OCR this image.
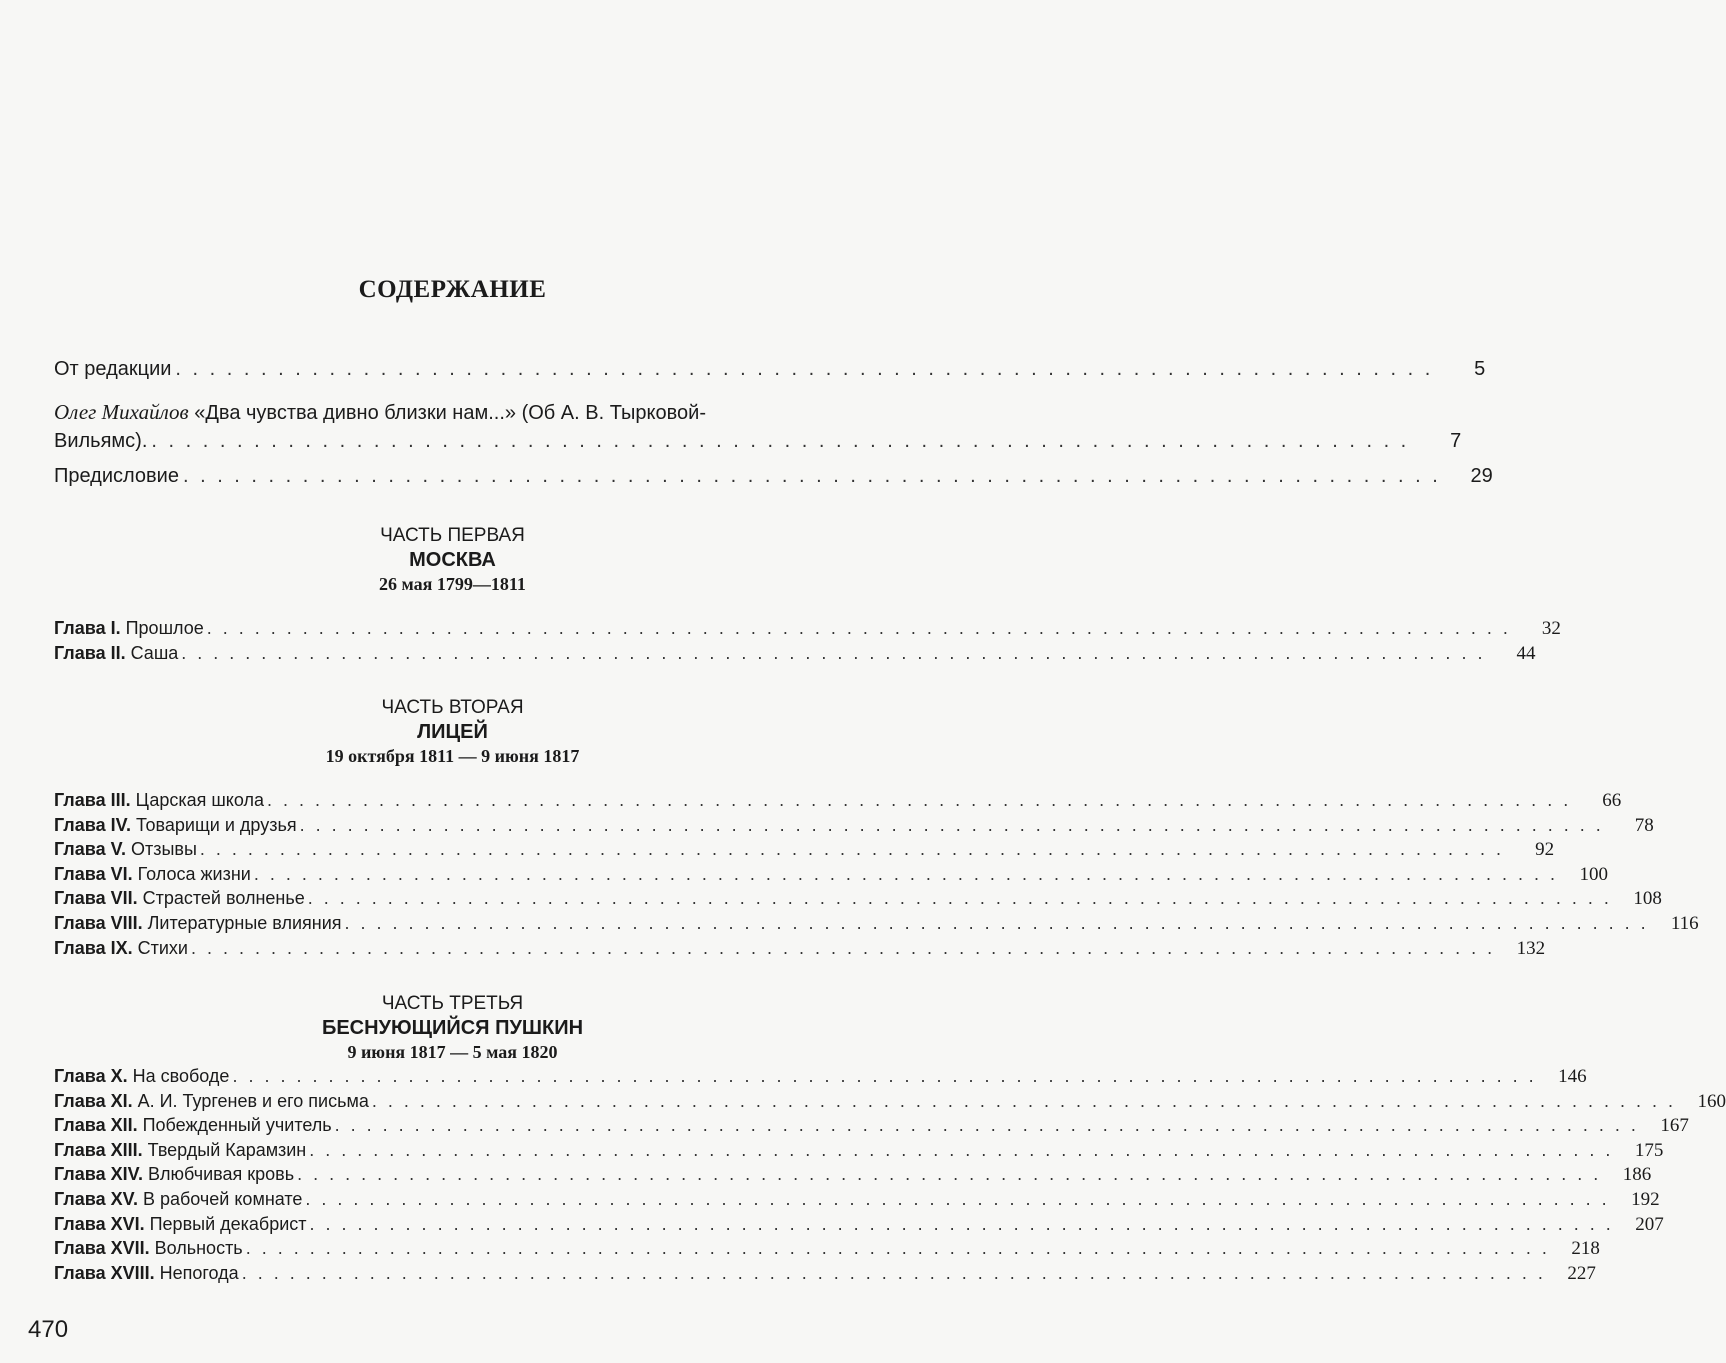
СОДЕРЖАНИЕ
От редакции . . . . . . . . . . . . . . . . . . . . . . . . . . . . . . . . . . . . . . . . . . . . . . . . . . . . . . . . . . . . . . . . . . . . . . . . . .	5
Олег Михайлов «Два чувства дивно близки нам...» (Об А. В. Тырковой-
Вильямс). . . . . . . . . . . . . . . . . . . . . . . . . . . . . . . . . . . . . . . . . . . . . . . . . . . . . . . . . . . . . . . . . . . . . . . . . . .	7
Предисловие . . . . . . . . . . . . . . . . . . . . . . . . . . . . . . . . . . . . . . . . . . . . . . . . . . . . . . . . . . . . . . . . . . . . . . . . . .	29
ЧАСТЬ ПЕРВАЯ
МОСКВА
26 мая 1799—1811
Глава I. Прошлое . . . . . . . . . . . . . . . . . . . . . . . . . . . . . . . . . . . . . . . . . . . . . . . . . . . . . . . . . . . . . . . . . . . . . . . . . . . . . . . . . .	32
Глава II. Саша . . . . . . . . . . . . . . . . . . . . . . . . . . . . . . . . . . . . . . . . . . . . . . . . . . . . . . . . . . . . . . . . . . . . . . . . . . . . . . . . . .	44
ЧАСТЬ ВТОРАЯ
ЛИЦЕЙ
19 октября 1811 — 9 июня 1817
Глава III. Царская школа . . . . . . . . . . . . . . . . . . . . . . . . . . . . . . . . . . . . . . . . . . . . . . . . . . . . . . . . . . . . . . . . . . . . . . . . . . . . . . . . . .	66
Глава IV. Товарищи и друзья . . . . . . . . . . . . . . . . . . . . . . . . . . . . . . . . . . . . . . . . . . . . . . . . . . . . . . . . . . . . . . . . . . . . . . . . . . . . . . . . . .	78
Глава V. Отзывы . . . . . . . . . . . . . . . . . . . . . . . . . . . . . . . . . . . . . . . . . . . . . . . . . . . . . . . . . . . . . . . . . . . . . . . . . . . . . . . . . .	92
Глава VI. Голоса жизни . . . . . . . . . . . . . . . . . . . . . . . . . . . . . . . . . . . . . . . . . . . . . . . . . . . . . . . . . . . . . . . . . . . . . . . . . . . . . . . . . .	100
Глава VII. Страстей волненье . . . . . . . . . . . . . . . . . . . . . . . . . . . . . . . . . . . . . . . . . . . . . . . . . . . . . . . . . . . . . . . . . . . . . . . . . . . . . . . . . .	108
Глава VIII. Литературные влияния . . . . . . . . . . . . . . . . . . . . . . . . . . . . . . . . . . . . . . . . . . . . . . . . . . . . . . . . . . . . . . . . . . . . . . . . . . . . . . . . . .	116
Глава IX. Стихи . . . . . . . . . . . . . . . . . . . . . . . . . . . . . . . . . . . . . . . . . . . . . . . . . . . . . . . . . . . . . . . . . . . . . . . . . . . . . . . . . .	132
ЧАСТЬ ТРЕТЬЯ
БЕСНУЮЩИЙСЯ ПУШКИН
9 июня 1817 — 5 мая 1820
Глава X. На свободе . . . . . . . . . . . . . . . . . . . . . . . . . . . . . . . . . . . . . . . . . . . . . . . . . . . . . . . . . . . . . . . . . . . . . . . . . . . . . . . . . .	146
Глава XI. А. И. Тургенев и его письма . . . . . . . . . . . . . . . . . . . . . . . . . . . . . . . . . . . . . . . . . . . . . . . . . . . . . . . . . . . . . . . . . . . . . . . . . . . . . . . . . .	160
Глава XII. Побежденный учитель . . . . . . . . . . . . . . . . . . . . . . . . . . . . . . . . . . . . . . . . . . . . . . . . . . . . . . . . . . . . . . . . . . . . . . . . . . . . . . . . . .	167
Глава XIII. Твердый Карамзин . . . . . . . . . . . . . . . . . . . . . . . . . . . . . . . . . . . . . . . . . . . . . . . . . . . . . . . . . . . . . . . . . . . . . . . . . . . . . . . . . .	175
Глава XIV. Влюбчивая кровь . . . . . . . . . . . . . . . . . . . . . . . . . . . . . . . . . . . . . . . . . . . . . . . . . . . . . . . . . . . . . . . . . . . . . . . . . . . . . . . . . .	186
Глава XV. В рабочей комнате . . . . . . . . . . . . . . . . . . . . . . . . . . . . . . . . . . . . . . . . . . . . . . . . . . . . . . . . . . . . . . . . . . . . . . . . . . . . . . . . . .	192
Глава XVI. Первый декабрист . . . . . . . . . . . . . . . . . . . . . . . . . . . . . . . . . . . . . . . . . . . . . . . . . . . . . . . . . . . . . . . . . . . . . . . . . . . . . . . . . .	207
Глава XVII. Вольность . . . . . . . . . . . . . . . . . . . . . . . . . . . . . . . . . . . . . . . . . . . . . . . . . . . . . . . . . . . . . . . . . . . . . . . . . . . . . . . . . .	218
Глава XVIII. Непогода . . . . . . . . . . . . . . . . . . . . . . . . . . . . . . . . . . . . . . . . . . . . . . . . . . . . . . . . . . . . . . . . . . . . . . . . . . . . . . . . . .	227
470
